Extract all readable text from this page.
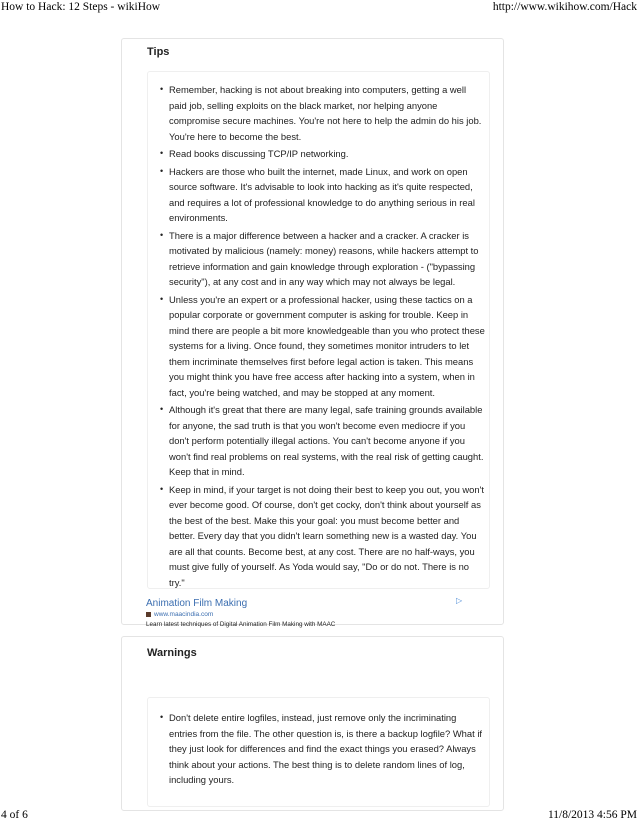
How to Hack: 12 Steps - wikiHow	http://www.wikihow.com/Hack
Tips
• Remember, hacking is not about breaking into computers, getting a well paid job, selling exploits on the black market, nor helping anyone compromise secure machines. You're not here to help the admin do his job. You're here to become the best.
• Read books discussing TCP/IP networking.
• Hackers are those who built the internet, made Linux, and work on open source software. It's advisable to look into hacking as it's quite respected, and requires a lot of professional knowledge to do anything serious in real environments.
• There is a major difference between a hacker and a cracker. A cracker is motivated by malicious (namely: money) reasons, while hackers attempt to retrieve information and gain knowledge through exploration - ("bypassing security"), at any cost and in any way which may not always be legal.
• Unless you're an expert or a professional hacker, using these tactics on a popular corporate or government computer is asking for trouble. Keep in mind there are people a bit more knowledgeable than you who protect these systems for a living. Once found, they sometimes monitor intruders to let them incriminate themselves first before legal action is taken. This means you might think you have free access after hacking into a system, when in fact, you're being watched, and may be stopped at any moment.
• Although it's great that there are many legal, safe training grounds available for anyone, the sad truth is that you won't become even mediocre if you don't perform potentially illegal actions. You can't become anyone if you won't find real problems on real systems, with the real risk of getting caught. Keep that in mind.
• Keep in mind, if your target is not doing their best to keep you out, you won't ever become good. Of course, don't get cocky, don't think about yourself as the best of the best. Make this your goal: you must become better and better. Every day that you didn't learn something new is a wasted day. You are all that counts. Become best, at any cost. There are no half-ways, you must give fully of yourself. As Yoda would say, "Do or do not. There is no try."
Animation Film Making	▷
www.maacindia.com
Learn latest techniques of Digital Animation Film Making with MAAC
Warnings
• Don't delete entire logfiles, instead, just remove only the incriminating entries from the file. The other question is, is there a backup logfile? What if they just look for differences and find the exact things you erased? Always think about your actions. The best thing is to delete random lines of log, including yours.
4 of 6	11/8/2013 4:56 PM
